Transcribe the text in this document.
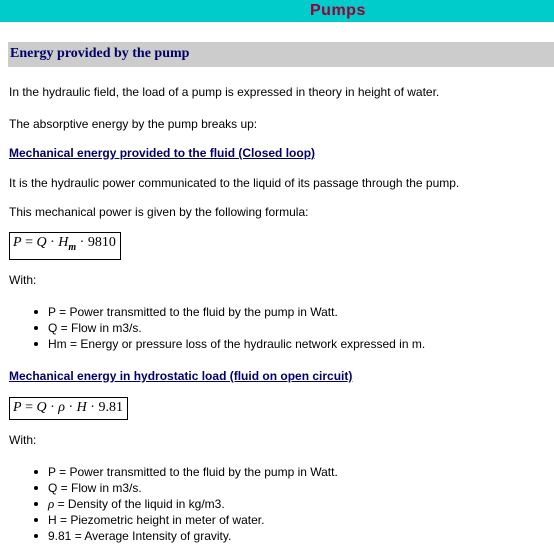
Pumps
Energy provided by the pump
In the hydraulic field, the load of a pump is expressed in theory in height of water.
The absorptive energy by the pump breaks up:
Mechanical energy provided to the fluid (Closed loop)
It is the hydraulic power communicated to the liquid of its passage through the pump.
This mechanical power is given by the following formula:
$P = Q \cdot H_m \cdot 9810$
With:
P = Power transmitted to the fluid by the pump in Watt.
Q = Flow in m3/s.
Hm = Energy or pressure loss of the hydraulic network expressed in m.
Mechanical energy in hydrostatic load (fluid on open circuit)
P = Q · ρ · H · 9.81
With:
P = Power transmitted to the fluid by the pump in Watt.
Q = Flow in m3/s.
ρ = Density of the liquid in kg/m3.
H = Piezometric height in meter of water.
9.81 = Average Intensity of gravity.
